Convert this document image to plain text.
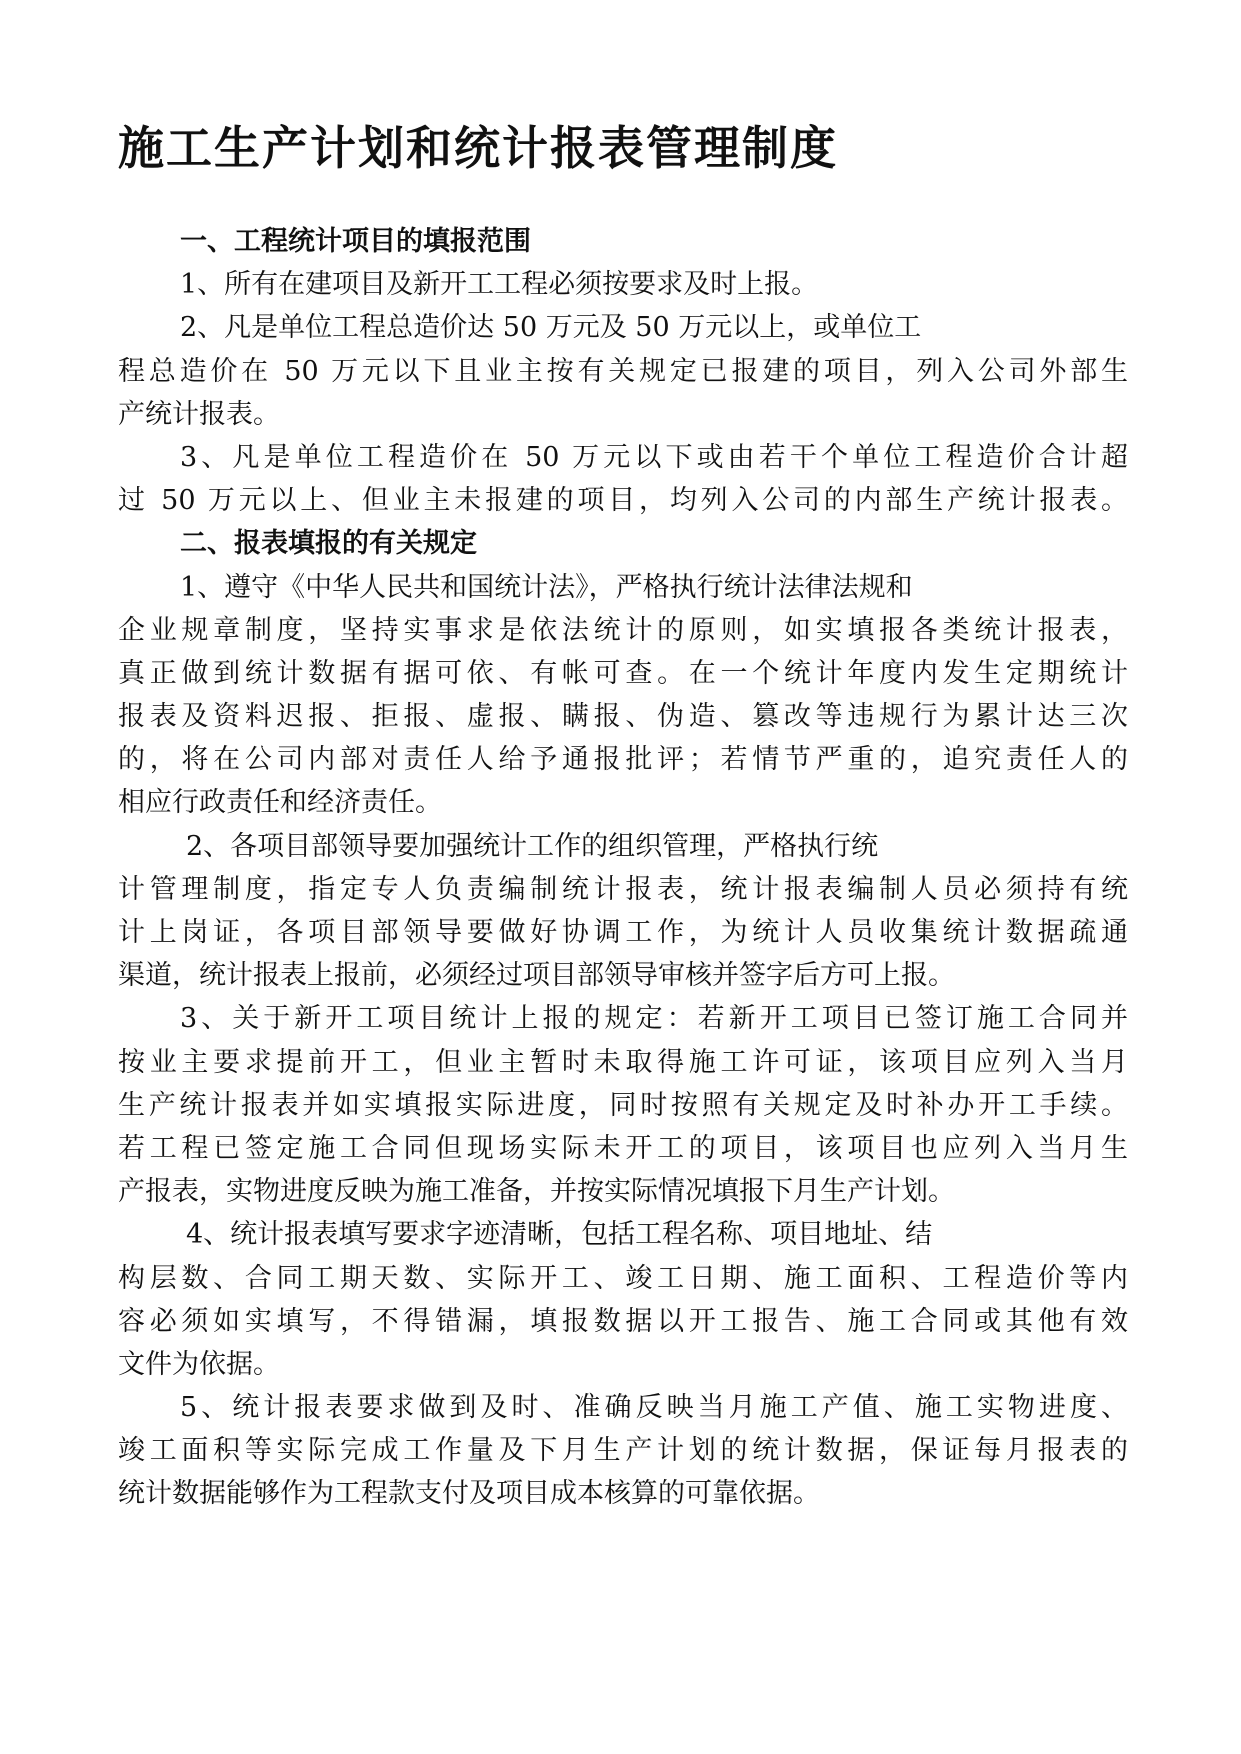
施工生产计划和统计报表管理制度
一、工程统计项目的填报范围
1、所有在建项目及新开工工程必须按要求及时上报。
2、凡是单位工程总造价达 50 万元及 50 万元以上，或单位工
程总造价在 50 万元以下且业主按有关规定已报建的项目，列入公司外部生
产统计报表。
3、凡是单位工程造价在 50 万元以下或由若干个单位工程造价合计超
过 50 万元以上、但业主未报建的项目，均列入公司的内部生产统计报表。
二、报表填报的有关规定
1、遵守《中华人民共和国统计法》，严格执行统计法律法规和
企业规章制度，坚持实事求是依法统计的原则，如实填报各类统计报表，
真正做到统计数据有据可依、有帐可查。在一个统计年度内发生定期统计
报表及资料迟报、拒报、虚报、瞒报、伪造、篡改等违规行为累计达三次
的，将在公司内部对责任人给予通报批评；若情节严重的，追究责任人的
相应行政责任和经济责任。
2、各项目部领导要加强统计工作的组织管理，严格执行统
计管理制度，指定专人负责编制统计报表，统计报表编制人员必须持有统
计上岗证，各项目部领导要做好协调工作，为统计人员收集统计数据疏通
渠道，统计报表上报前，必须经过项目部领导审核并签字后方可上报。
3、关于新开工项目统计上报的规定：若新开工项目已签订施工合同并
按业主要求提前开工，但业主暂时未取得施工许可证，该项目应列入当月
生产统计报表并如实填报实际进度，同时按照有关规定及时补办开工手续。
若工程已签定施工合同但现场实际未开工的项目，该项目也应列入当月生
产报表，实物进度反映为施工准备，并按实际情况填报下月生产计划。
4、统计报表填写要求字迹清晰，包括工程名称、项目地址、结
构层数、合同工期天数、实际开工、竣工日期、施工面积、工程造价等内
容必须如实填写，不得错漏，填报数据以开工报告、施工合同或其他有效
文件为依据。
5、统计报表要求做到及时、准确反映当月施工产值、施工实物进度、
竣工面积等实际完成工作量及下月生产计划的统计数据，保证每月报表的
统计数据能够作为工程款支付及项目成本核算的可靠依据。
